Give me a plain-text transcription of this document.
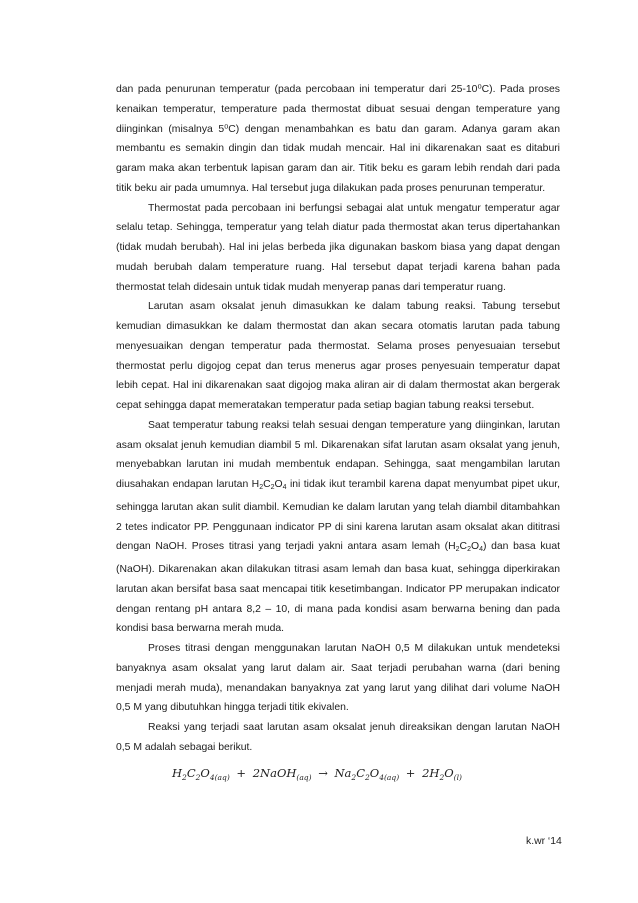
dan pada penurunan temperatur (pada percobaan ini temperatur dari 25-10⁰C). Pada proses kenaikan temperatur, temperature pada thermostat dibuat sesuai dengan temperature yang diinginkan (misalnya 5⁰C) dengan menambahkan es batu dan garam. Adanya garam akan membantu es semakin dingin dan tidak mudah mencair. Hal ini dikarenakan saat es ditaburi garam maka akan terbentuk lapisan garam dan air. Titik beku es garam lebih rendah dari pada titik beku air pada umumnya. Hal tersebut juga dilakukan pada proses penurunan temperatur.

Thermostat pada percobaan ini berfungsi sebagai alat untuk mengatur temperatur agar selalu tetap. Sehingga, temperatur yang telah diatur pada thermostat akan terus dipertahankan (tidak mudah berubah). Hal ini jelas berbeda jika digunakan baskom biasa yang dapat dengan mudah berubah dalam temperature ruang. Hal tersebut dapat terjadi karena bahan pada thermostat telah didesain untuk tidak mudah menyerap panas dari temperatur ruang.

Larutan asam oksalat jenuh dimasukkan ke dalam tabung reaksi. Tabung tersebut kemudian dimasukkan ke dalam thermostat dan akan secara otomatis larutan pada tabung menyesuaikan dengan temperatur pada thermostat. Selama proses penyesuaian tersebut thermostat perlu digojog cepat dan terus menerus agar proses penyesuain temperatur dapat lebih cepat. Hal ini dikarenakan saat digojog maka aliran air di dalam thermostat akan bergerak cepat sehingga dapat memeratakan temperatur pada setiap bagian tabung reaksi tersebut.

Saat temperatur tabung reaksi telah sesuai dengan temperature yang diinginkan, larutan asam oksalat jenuh kemudian diambil 5 ml. Dikarenakan sifat larutan asam oksalat yang jenuh, menyebabkan larutan ini mudah membentuk endapan. Sehingga, saat mengambilan larutan diusahakan endapan larutan $H_2C_2O_4$ ini tidak ikut terambil karena dapat menyumbat pipet ukur, sehingga larutan akan sulit diambil. Kemudian ke dalam larutan yang telah diambil ditambahkan 2 tetes indicator PP. Penggunaan indicator PP di sini karena larutan asam oksalat akan dititrasi dengan NaOH. Proses titrasi yang terjadi yakni antara asam lemah $(H_2C_2O_4)$ dan basa kuat (NaOH). Dikarenakan akan dilakukan titrasi asam lemah dan basa kuat, sehingga diperkirakan larutan akan bersifat basa saat mencapai titik kesetimbangan. Indicator PP merupakan indicator dengan rentang pH antara 8,2 – 10, di mana pada kondisi asam berwarna bening dan pada kondisi basa berwarna merah muda.

Proses titrasi dengan menggunakan larutan NaOH 0,5 M dilakukan untuk mendeteksi banyaknya asam oksalat yang larut dalam air. Saat terjadi perubahan warna (dari bening menjadi merah muda), menandakan banyaknya zat yang larut yang dilihat dari volume NaOH 0,5 M yang dibutuhkan hingga terjadi titik ekivalen.

Reaksi yang terjadi saat larutan asam oksalat jenuh direaksikan dengan larutan NaOH 0,5 M adalah sebagai berikut.

$H_2C_2O_{4(aq)}$ + 2NaOH$_{(aq)}$ → $Na_2C_2O_{4(aq)} + 2H_2O_{(l)}$
k.wr ‘14
